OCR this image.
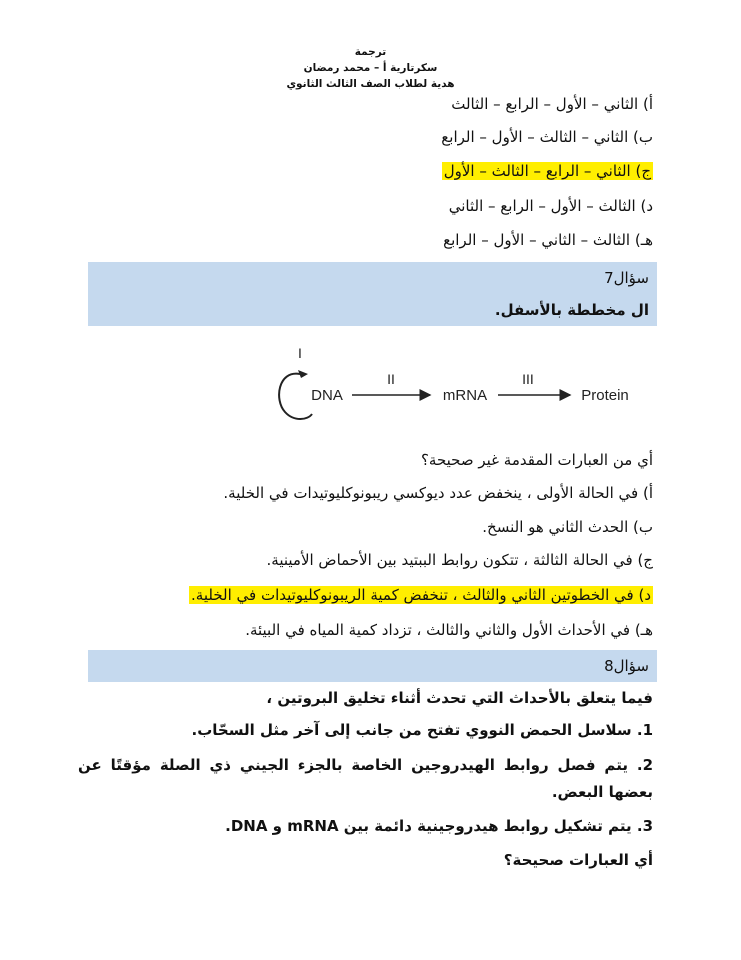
ترجمة
سكرتارية أ – محمد رمضان
هدية لطلاب الصف الثالث الثانوي
أ) الثاني – الأول – الرابع – الثالث
ب) الثاني – الثالث – الأول – الرابع
ج) الثاني – الرابع – الثالث – الأول
د) الثالث – الأول – الرابع – الثاني
هـ) الثالث – الثاني – الأول – الرابع
سؤال7
ال مخططة بالأسفل.
I
DNA
II
mRNA
III
Protein
أي من العبارات المقدمة غير صحيحة؟
أ) في الحالة الأولى ، ينخفض عدد ديوكسي ريبونوكليوتيدات في الخلية.
ب) الحدث الثاني هو النسخ.
ج) في الحالة الثالثة ، تتكون روابط الببتيد بين الأحماض الأمينية.
د) في الخطوتين الثاني والثالث ، تنخفض كمية الريبونوكليوتيدات في الخلية.
هـ) في الأحداث الأول والثاني والثالث ، تزداد كمية المياه في البيئة.
سؤال8
فيما يتعلق بالأحداث التي تحدث أثناء تخليق البروتين ،
1. سلاسل الحمض النووي تفتح من جانب إلى آخر مثل السحّاب.
2. يتم فصل روابط الهيدروجين الخاصة بالجزء الجيني ذي الصلة مؤقتًا عن بعضها البعض.
3. يتم تشكيل روابط هيدروجينية دائمة بين mRNA و DNA.
أي العبارات صحيحة؟
